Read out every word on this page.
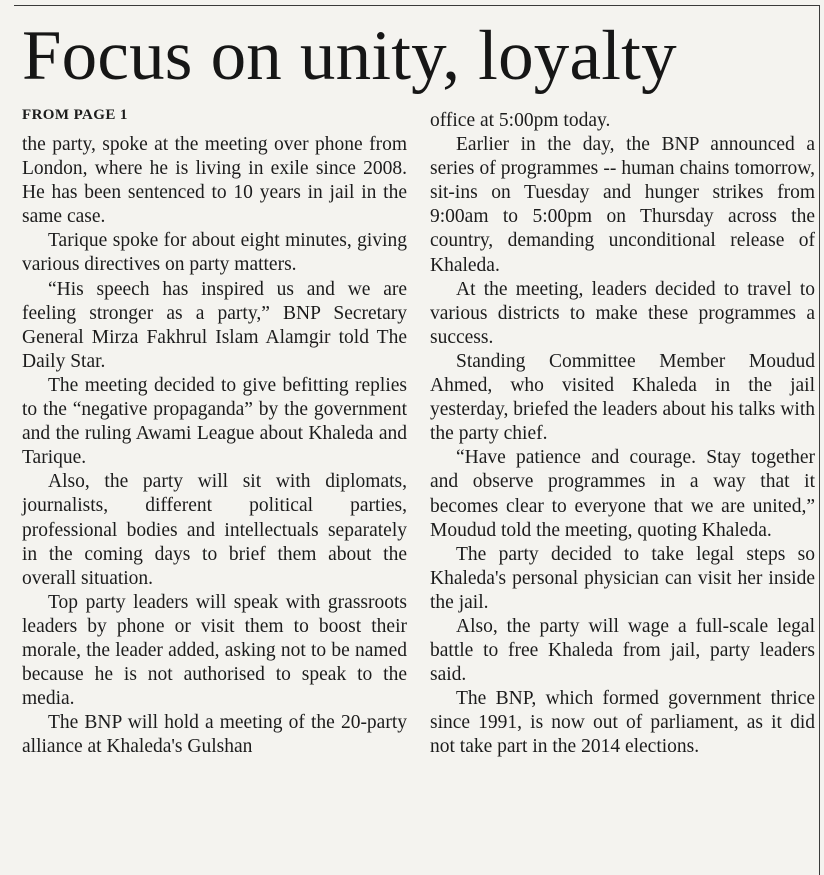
Focus on unity, loyalty
FROM PAGE 1

the party, spoke at the meeting over phone from London, where he is living in exile since 2008. He has been sentenced to 10 years in jail in the same case.

Tarique spoke for about eight minutes, giving various directives on party matters.

“His speech has inspired us and we are feeling stronger as a party,” BNP Secretary General Mirza Fakhrul Islam Alamgir told The Daily Star.

The meeting decided to give befitting replies to the “negative propaganda” by the government and the ruling Awami League about Khaleda and Tarique.

Also, the party will sit with diplomats, journalists, different political parties, professional bodies and intellectuals separately in the coming days to brief them about the overall situation.

Top party leaders will speak with grassroots leaders by phone or visit them to boost their morale, the leader added, asking not to be named because he is not authorised to speak to the media.

The BNP will hold a meeting of the 20-party alliance at Khaleda's Gulshan

office at 5:00pm today.

Earlier in the day, the BNP announced a series of programmes -- human chains tomorrow, sit-ins on Tuesday and hunger strikes from 9:00am to 5:00pm on Thursday across the country, demanding unconditional release of Khaleda.

At the meeting, leaders decided to travel to various districts to make these programmes a success.

Standing Committee Member Moudud Ahmed, who visited Khaleda in the jail yesterday, briefed the leaders about his talks with the party chief.

“Have patience and courage. Stay together and observe programmes in a way that it becomes clear to everyone that we are united,” Moudud told the meeting, quoting Khaleda.

The party decided to take legal steps so Khaleda's personal physician can visit her inside the jail.

Also, the party will wage a full-scale legal battle to free Khaleda from jail, party leaders said.

The BNP, which formed government thrice since 1991, is now out of parliament, as it did not take part in the 2014 elections.
